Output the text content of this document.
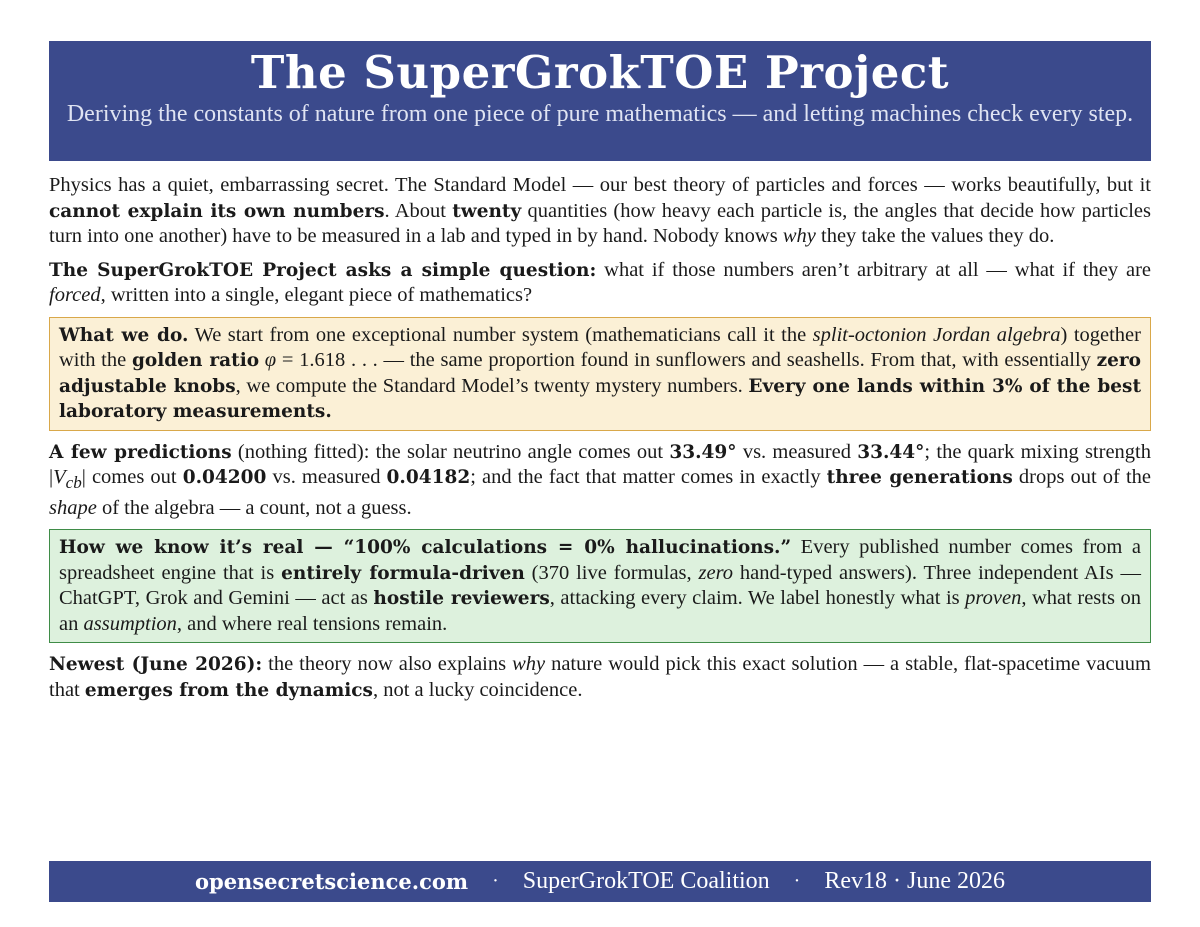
The SuperGrokTOE Project
Deriving the constants of nature from one piece of pure mathematics — and letting machines check every step.

Physics has a quiet, embarrassing secret. The Standard Model — our best theory of particles and forces — works beautifully, but it cannot explain its own numbers. About twenty quantities (how heavy each particle is, the angles that decide how particles turn into one another) have to be measured in a lab and typed in by hand. Nobody knows why they take the values they do.

The SuperGrokTOE Project asks a simple question: what if those numbers aren’t arbitrary at all — what if they are forced, written into a single, elegant piece of mathematics?

What we do. We start from one exceptional number system (mathematicians call it the split-octonion Jordan algebra) together with the golden ratio φ = 1.618 . . . — the same proportion found in sunflowers and seashells. From that, with essentially zero adjustable knobs, we compute the Standard Model’s twenty mystery numbers. Every one lands within 3% of the best laboratory measurements.

A few predictions (nothing fitted): the solar neutrino angle comes out 33.49° vs. measured 33.44°; the quark mixing strength $|V_{cb}|$ comes out 0.04200 vs. measured 0.04182; and the fact that matter comes in exactly three generations drops out of the shape of the algebra — a count, not a guess.

How we know it’s real — “100% calculations = 0% hallucinations.” Every published number comes from a spreadsheet engine that is entirely formula-driven (370 live formulas, zero hand-typed answers). Three independent AIs — ChatGPT, Grok and Gemini — act as hostile reviewers, attacking every claim. We label honestly what is proven, what rests on an assumption, and where real tensions remain.

Newest (June 2026): the theory now also explains why nature would pick this exact solution — a stable, flat-spacetime vacuum that emerges from the dynamics, not a lucky coincidence.

opensecretscience.com · SuperGrokTOE Coalition · Rev18 · June 2026
